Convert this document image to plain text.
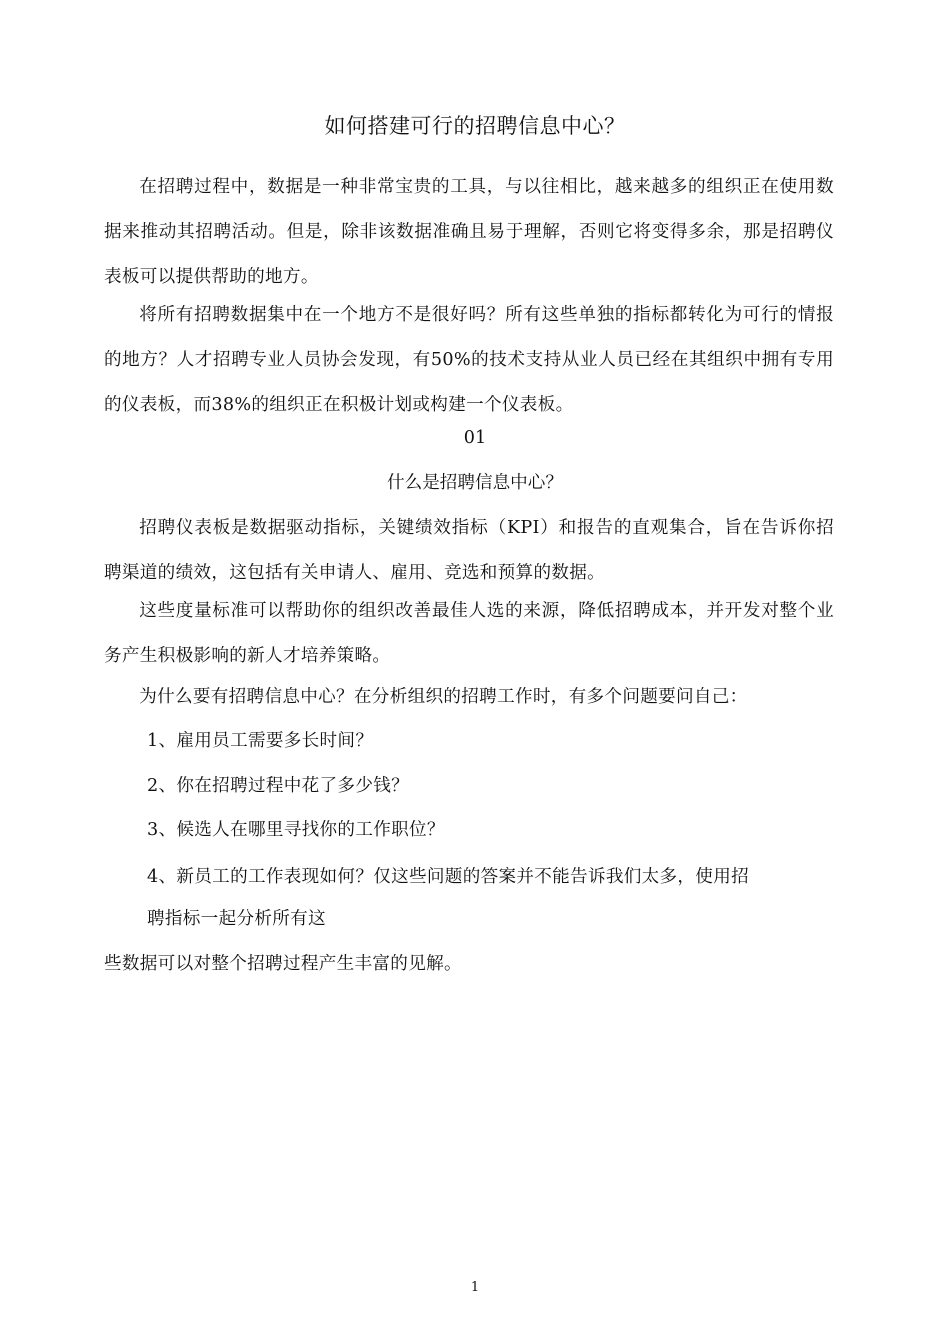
如何搭建可行的招聘信息中心？
在招聘过程中，数据是一种非常宝贵的工具，与以往相比，越来越多的组织正在使用数据来推动其招聘活动。但是，除非该数据准确且易于理解，否则它将变得多余，那是招聘仪表板可以提供帮助的地方。
将所有招聘数据集中在一个地方不是很好吗？所有这些单独的指标都转化为可行的情报的地方？人才招聘专业人员协会发现，有50%的技术支持从业人员已经在其组织中拥有专用的仪表板，而38%的组织正在积极计划或构建一个仪表板。
01
什么是招聘信息中心？
招聘仪表板是数据驱动指标，关键绩效指标（KPI）和报告的直观集合，旨在告诉你招聘渠道的绩效，这包括有关申请人、雇用、竞选和预算的数据。
这些度量标准可以帮助你的组织改善最佳人选的来源，降低招聘成本，并开发对整个业务产生积极影响的新人才培养策略。
为什么要有招聘信息中心？在分析组织的招聘工作时，有多个问题要问自己：
1、雇用员工需要多长时间？
2、你在招聘过程中花了多少钱？
3、候选人在哪里寻找你的工作职位？
4、新员工的工作表现如何？仅这些问题的答案并不能告诉我们太多，使用招
聘指标一起分析所有这
些数据可以对整个招聘过程产生丰富的见解。
1
